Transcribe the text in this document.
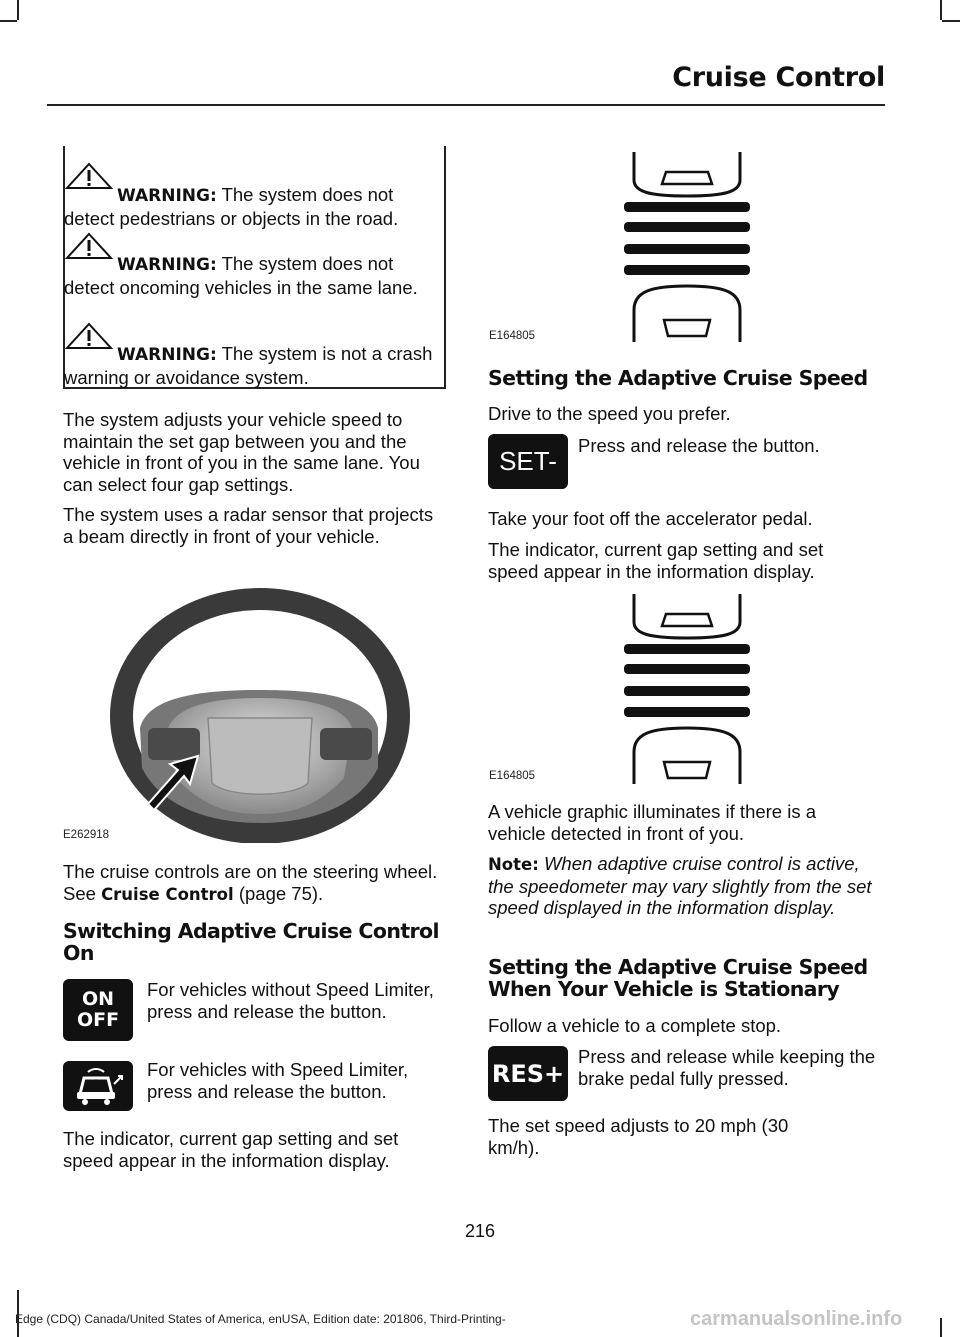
Cruise Control
WARNING: The system does not detect pedestrians or objects in the road.
WARNING: The system does not detect oncoming vehicles in the same lane.
WARNING: The system is not a crash warning or avoidance system.

The system adjusts your vehicle speed to maintain the set gap between you and the vehicle in front of you in the same lane. You can select four gap settings.

The system uses a radar sensor that projects a beam directly in front of your vehicle.

E262918

The cruise controls are on the steering wheel. See Cruise Control (page 75).

Switching Adaptive Cruise Control On
ON
OFF

For vehicles without Speed Limiter, press and release the button.

For vehicles with Speed Limiter, press and release the button.

The indicator, current gap setting and set speed appear in the information display.

E164805
Setting the Adaptive Cruise Speed

Drive to the speed you prefer.

SET-

Press and release the button.

Take your foot off the accelerator pedal.

The indicator, current gap setting and set speed appear in the information display.

E164805

A vehicle graphic illuminates if there is a vehicle detected in front of you.

Note: When adaptive cruise control is active, the speedometer may vary slightly from the set speed displayed in the information display.

Setting the Adaptive Cruise Speed When Your Vehicle is Stationary

Follow a vehicle to a complete stop.

RES+

Press and release while keeping the brake pedal fully pressed.

The set speed adjusts to 20 mph (30 km/h).

216
Edge (CDQ) Canada/United States of America, enUSA, Edition date: 201806, Third-Printing-	carmanualsonline.info
